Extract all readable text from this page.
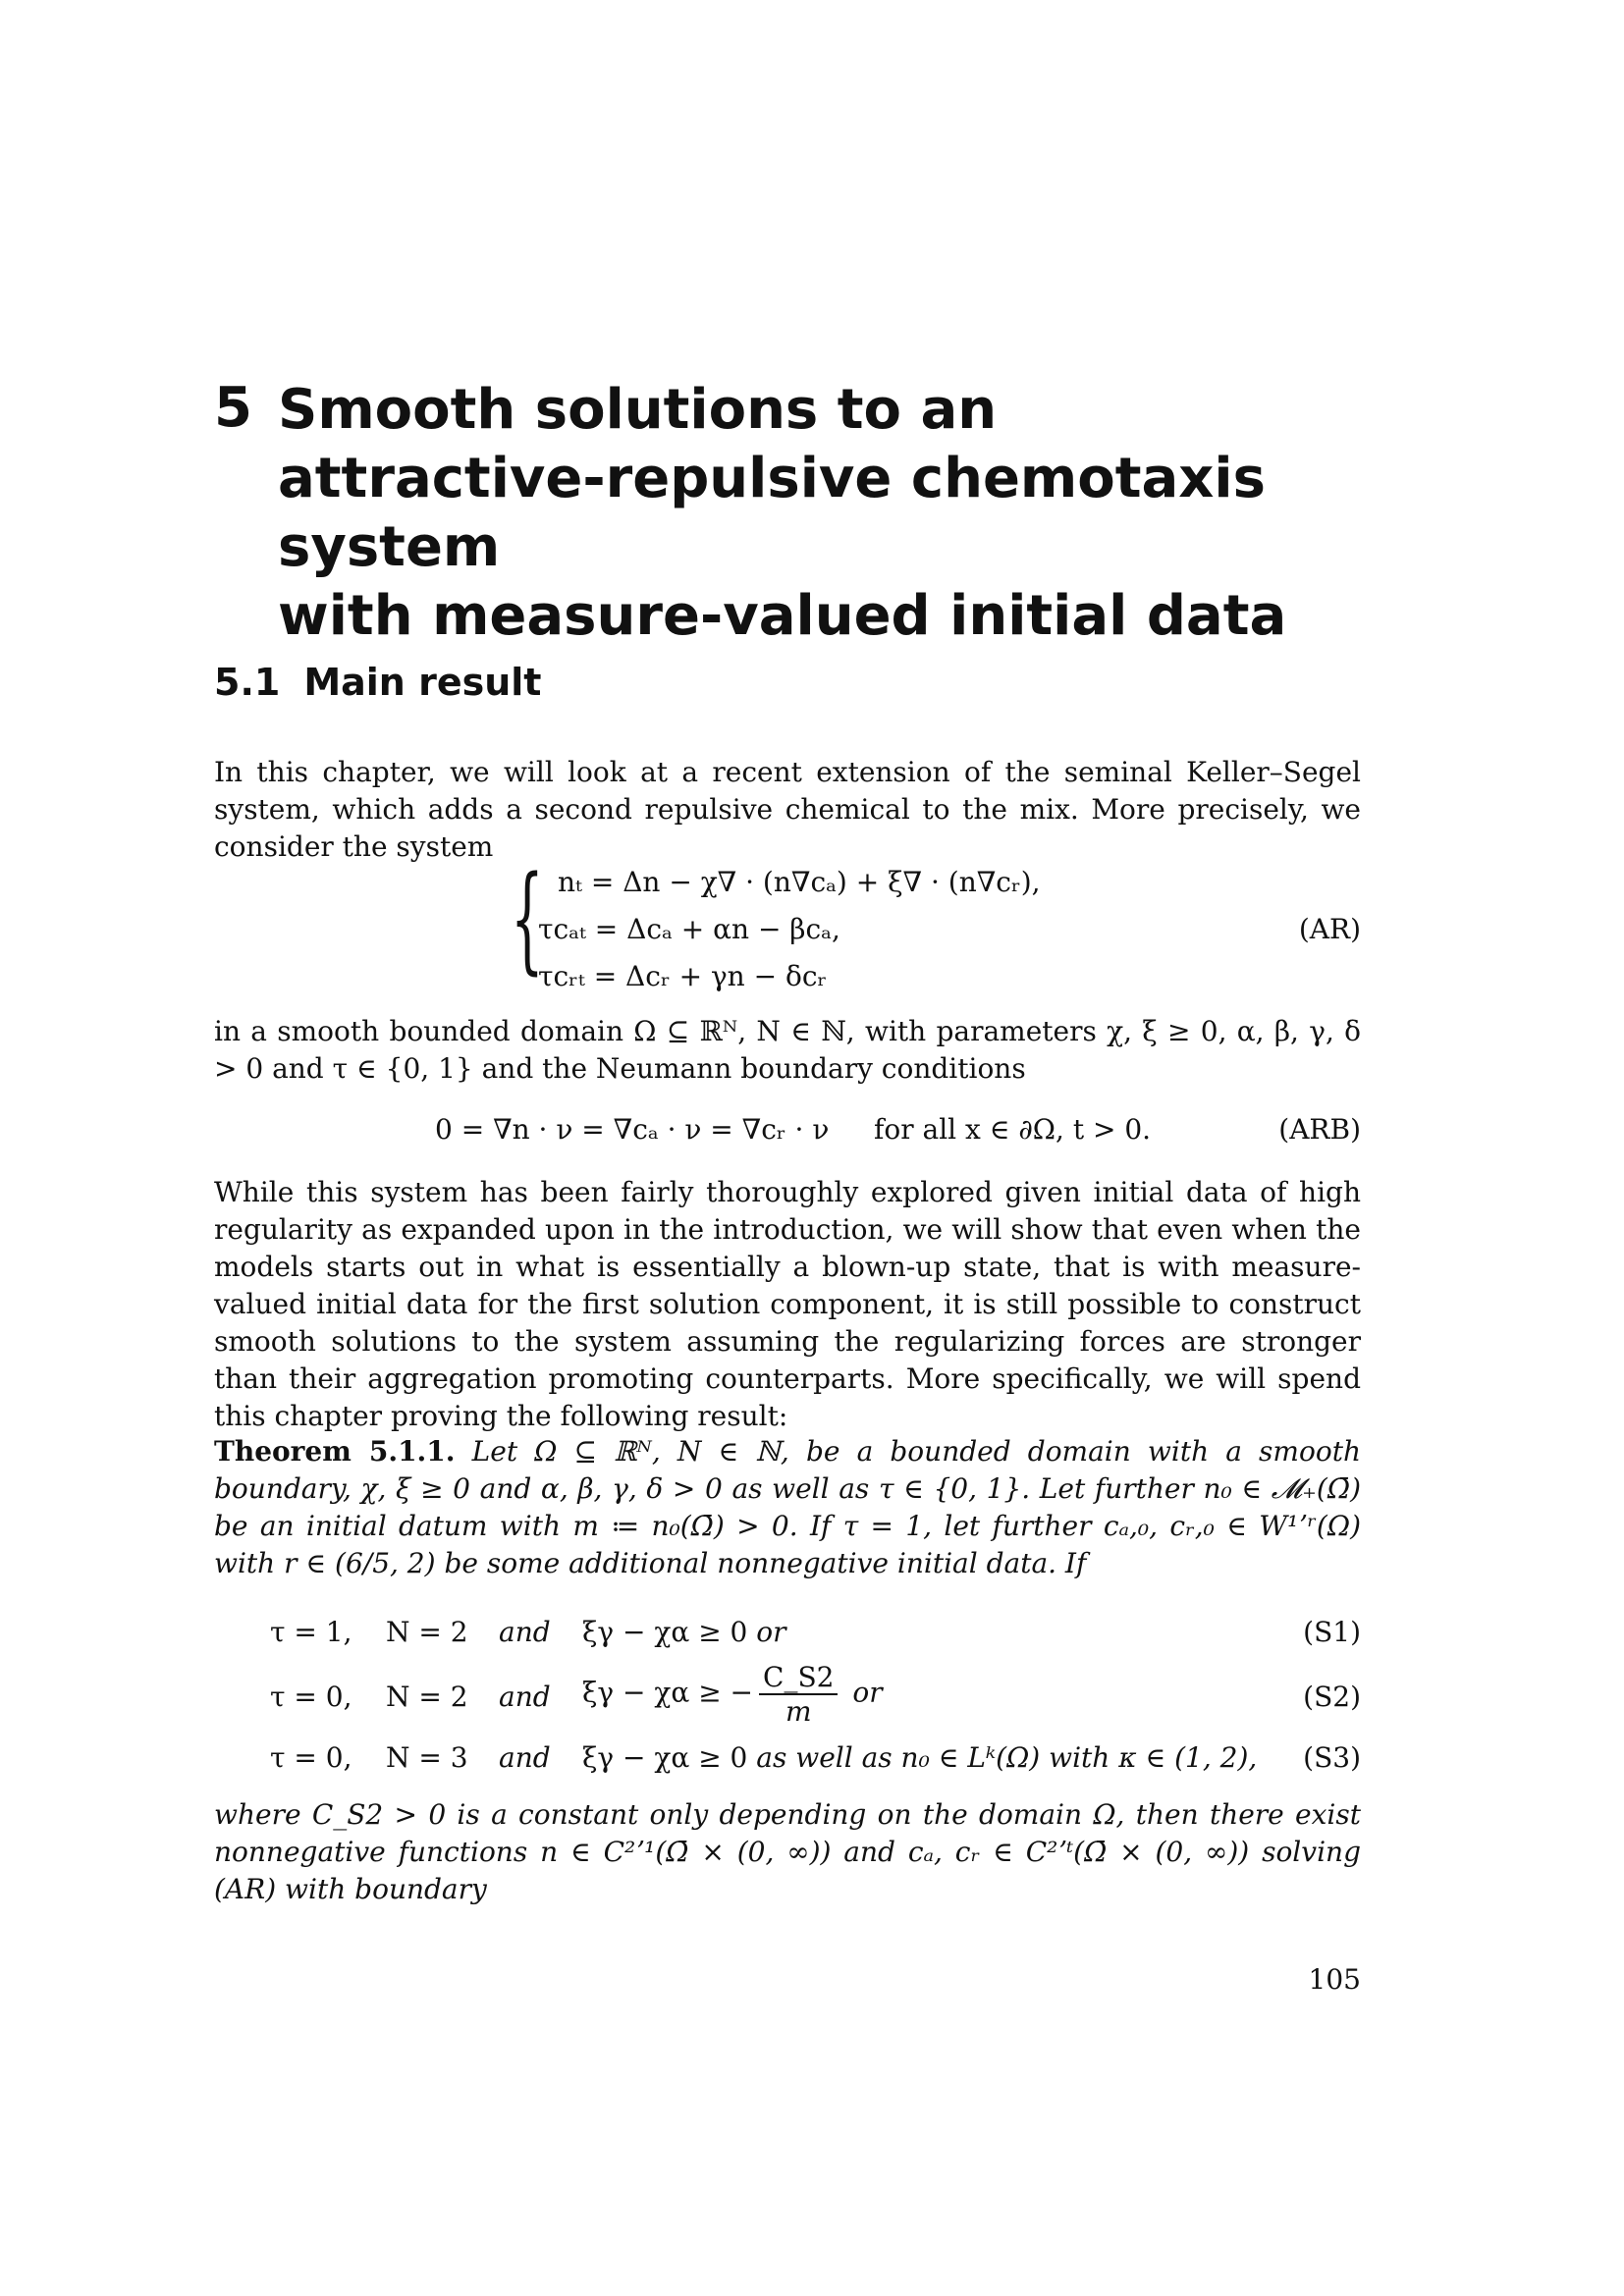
5 Smooth solutions to an
attractive-repulsive chemotaxis system
with measure-valued initial data
5.1 Main result
In this chapter, we will look at a recent extension of the seminal Keller–Segel system, which adds a second repulsive chemical to the mix. More precisely, we consider the system
{ nₜ = Δn − χ∇ · (n∇cₐ) + ξ∇ · (n∇cᵣ),
τcₐₜ = Δcₐ + αn − βcₐ,
τcᵣₜ = Δcᵣ + γn − δcᵣ
(AR)
in a smooth bounded domain Ω ⊆ ℝᴺ, N ∈ ℕ, with parameters χ, ξ ≥ 0, α, β, γ, δ > 0 and τ ∈ {0, 1} and the Neumann boundary conditions
0 = ∇n · ν = ∇cₐ · ν = ∇cᵣ · ν for all x ∈ ∂Ω, t > 0.	(ARB)
While this system has been fairly thoroughly explored given initial data of high regularity as expanded upon in the introduction, we will show that even when the models starts out in what is essentially a blown-up state, that is with measure-valued initial data for the first solution component, it is still possible to construct smooth solutions to the system assuming the regularizing forces are stronger than their aggregation promoting counterparts. More specifically, we will spend this chapter proving the following result:
Theorem 5.1.1. Let Ω ⊆ ℝᴺ, N ∈ ℕ, be a bounded domain with a smooth boundary, χ, ξ ≥ 0 and α, β, γ, δ > 0 as well as τ ∈ {0, 1}. Let further n₀ ∈ 𝓜₊(Ω̄) be an initial datum with m ≔ n₀(Ω̄) > 0. If τ = 1, let further cₐ,₀, cᵣ,₀ ∈ W¹ʼʳ(Ω) with r ∈ (6/5, 2) be some additional nonnegative initial data. If
τ = 1, N = 2 and ξγ − χα ≥ 0 or	(S1)
τ = 0, N = 2 and ξγ − χα ≥ − $\frac{C\_S2}{m}$ or	(S2)
τ = 0, N = 3 and ξγ − χα ≥ 0 as well as n₀ ∈ Lᵏ(Ω) with κ ∈ (1, 2), (S3)
where C_S2 > 0 is a constant only depending on the domain Ω, then there exist nonnegative functions n ∈ C²ʼ¹(Ω̄ × (0, ∞)) and cₐ, cᵣ ∈ C²ʼᵗ(Ω̄ × (0, ∞)) solving (AR) with boundary
105
